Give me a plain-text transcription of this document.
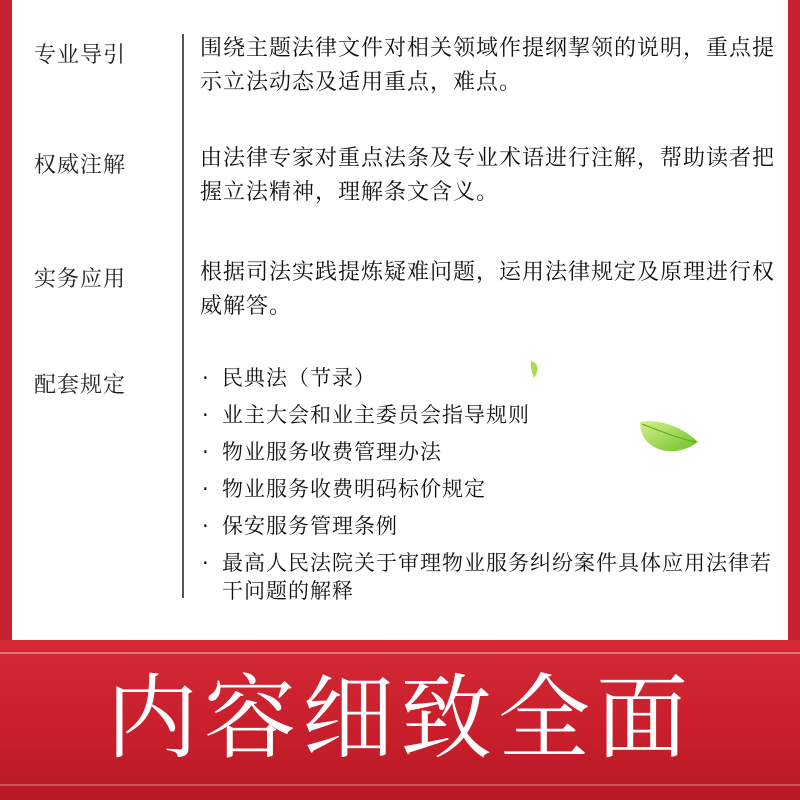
专业导引	围绕主题法律文件对相关领域作提纲挈领的说明，重点提示立法动态及适用重点，难点。

权威注解	由法律专家对重点法条及专业术语进行注解，帮助读者把握立法精神，理解条文含义。

实务应用	根据司法实践提炼疑难问题，运用法律规定及原理进行权威解答。

配套规定	· 民典法（节录）
· 业主大会和业主委员会指导规则
· 物业服务收费管理办法
· 物业服务收费明码标价规定
· 保安服务管理条例
· 最高人民法院关于审理物业服务纠纷案件具体应用法律若干问题的解释
内容细致全面
